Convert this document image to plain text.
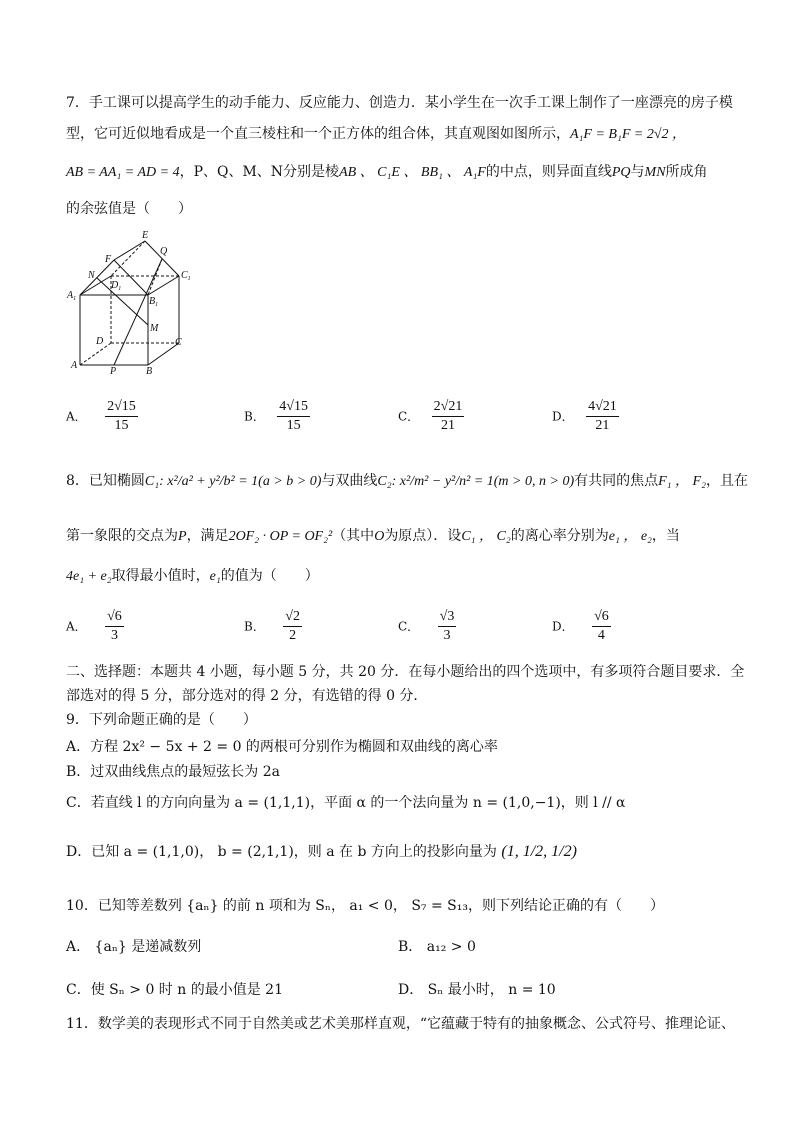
7．手工课可以提高学生的动手能力、反应能力、创造力．某小学生在一次手工课上制作了一座漂亮的房子模
型，它可近似地看成是一个直三棱柱和一个正方体的组合体，其直观图如图所示，A₁F = B₁F = 2√2 ，
AB = AA₁ = AD = 4，P、Q、M、N分别是棱AB 、 C₁E 、 BB₁ 、 A₁F的中点，则异面直线PQ与MN所成角
的余弦值是（　　）
E
Q
F
N
$D_1$
$C_1$
$A_1$	$B_1$
M
D	C
A
P	B
A． $\frac{2√15}{15}$	B． $\frac{4√15}{15}$	C． $\frac{2√21}{21}$	D． $\frac{4√21}{21}$
8．已知椭圆C₁: x²/a² + y²/b² = 1(a > b > 0)与双曲线C₂: x²/m² − y²/n² = 1(m > 0, n > 0)有共同的焦点F₁ ， F₂，且在
第一象限的交点为P，满足2OF₂ · OP = OF₂²（其中O为原点）．设C₁ ， C₂的离心率分别为e₁ ， e₂，当
4e₁ + e₂取得最小值时，e₁的值为（　　）
A． $\frac{√6}{3}$	B． $\frac{√2}{2}$	C． $\frac{√3}{3}$	D． $\frac{√6}{4}$
二、选择题：本题共 4 小题，每小题 5 分，共 20 分．在每小题给出的四个选项中，有多项符合题目要求．全
部选对的得 5 分，部分选对的得 2 分，有选错的得 0 分．
9．下列命题正确的是（　　）
A．方程 2x² − 5x + 2 = 0 的两根可分别作为椭圆和双曲线的离心率
B．过双曲线焦点的最短弦长为 2a
C．若直线 l 的方向向量为 a = (1,1,1)，平面 α 的一个法向量为 n = (1,0,−1)，则 l // α
D．已知 a = (1,1,0)， b = (2,1,1)，则 a 在 b 方向上的投影向量为 (1, 1/2, 1/2)
10．已知等差数列 {aₙ} 的前 n 项和为 Sₙ， a₁ < 0， S₇ = S₁₃，则下列结论正确的有（　　）
A． {aₙ} 是递减数列	B． a₁₂ > 0
C．使 Sₙ > 0 时 n 的最小值是 21	D． Sₙ 最小时， n = 10
11．数学美的表现形式不同于自然美或艺术美那样直观，“它蕴藏于特有的抽象概念、公式符号、推理论证、
